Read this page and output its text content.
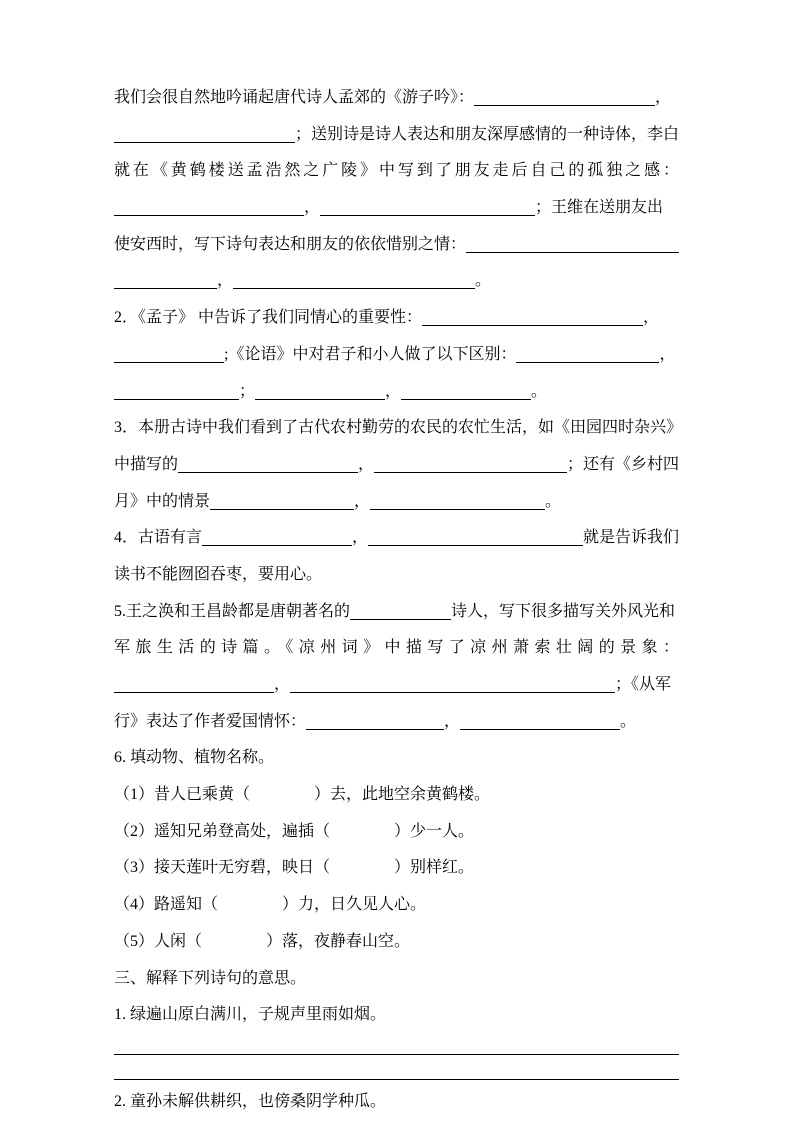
我们会很自然地吟诵起唐代诗人孟郊的《游子吟》：	，
；送别诗是诗人表达和朋友深厚感情的一种诗体，李白
就在《黄鹤楼送孟浩然之广陵》中写到了朋友走后自己的孤独之感：
，	；王维在送朋友出
使安西时，写下诗句表达和朋友的依依惜别之情：
，	。
2．《孟子》 中告诉了我们同情心的重要性：	，
;《论语》中对君子和小人做了以下区别：	，
；	，	。
3．本册古诗中我们看到了古代农村勤劳的农民的农忙生活，如《田园四时杂兴》
中描写的	，	；还有《乡村四
月》中的情景	，	。
4．古语有言	，	就是告诉我们
读书不能囫囵吞枣，要用心。
5.王之涣和王昌龄都是唐朝著名的	诗人，写下很多描写关外风光和
军旅生活的诗篇。《凉州词》中描写了凉州萧索壮阔的景象：
，	；《从军
行》表达了作者爱国情怀：	，	。
6. 填动物、植物名称。
（1）昔人已乘黄（　　　　）去，此地空余黄鹤楼。
（2）遥知兄弟登高处，遍插（　　　　）少一人。
（3）接天莲叶无穷碧，映日（　　　　）别样红。
（4）路遥知（　　　　）力，日久见人心。
（5）人闲（　　　　）落，夜静春山空。
三、解释下列诗句的意思。
1. 绿遍山原白满川，子规声里雨如烟。
2. 童孙未解供耕织，也傍桑阴学种瓜。
